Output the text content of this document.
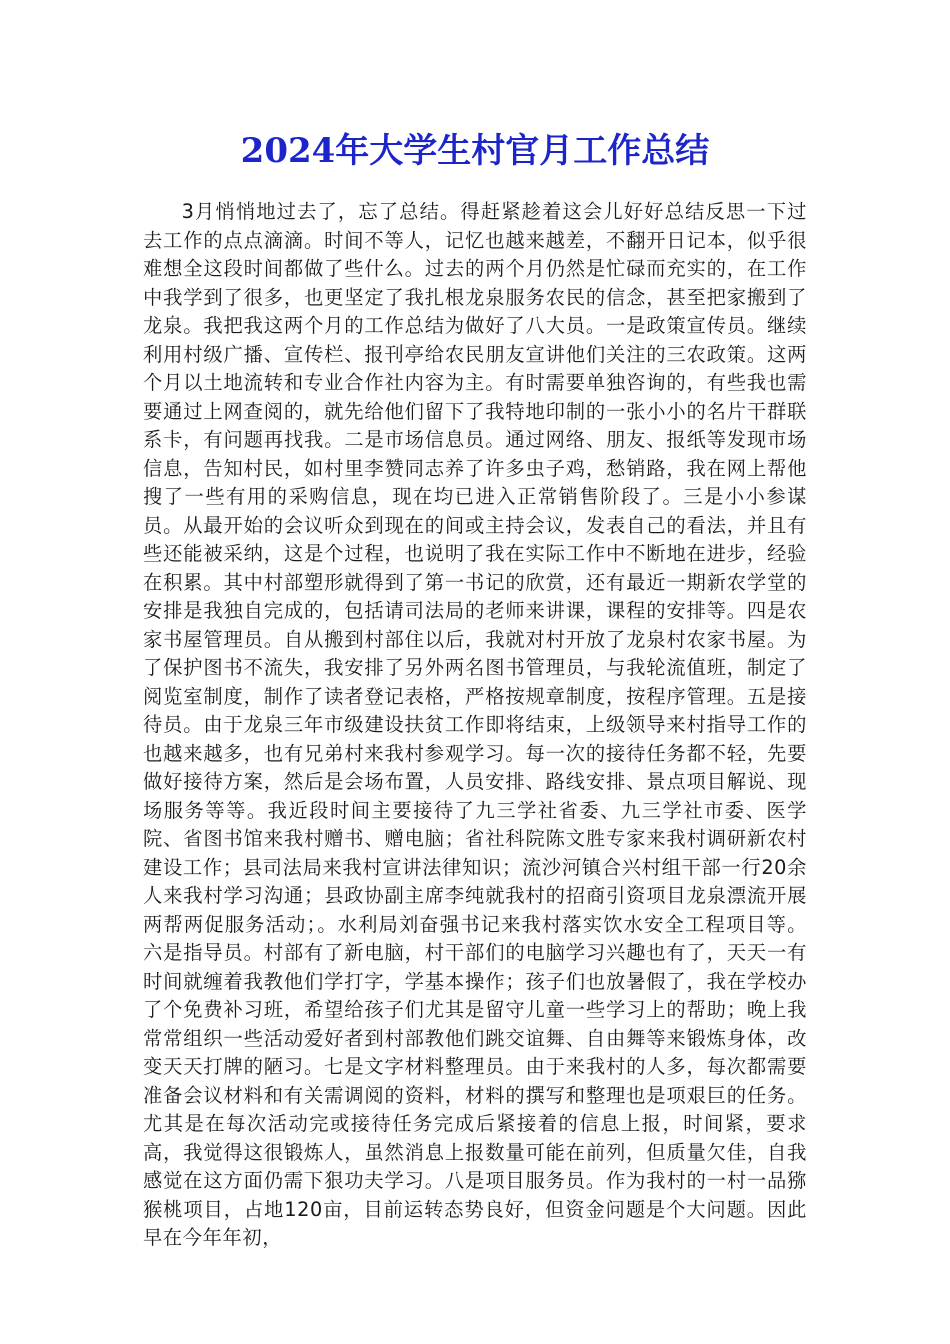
2024年大学生村官月工作总结

3月悄悄地过去了，忘了总结。得赶紧趁着这会儿好好总结反思一下过去工作的点点滴滴。时间不等人，记忆也越来越差，不翻开日记本，似乎很难想全这段时间都做了些什么。过去的两个月仍然是忙碌而充实的，在工作中我学到了很多，也更坚定了我扎根龙泉服务农民的信念，甚至把家搬到了龙泉。我把我这两个月的工作总结为做好了八大员。一是政策宣传员。继续利用村级广播、宣传栏、报刊亭给农民朋友宣讲他们关注的三农政策。这两个月以土地流转和专业合作社内容为主。有时需要单独咨询的，有些我也需要通过上网查阅的，就先给他们留下了我特地印制的一张小小的名片干群联系卡，有问题再找我。二是市场信息员。通过网络、朋友、报纸等发现市场信息，告知村民，如村里李赞同志养了许多虫子鸡，愁销路，我在网上帮他搜了一些有用的采购信息，现在均已进入正常销售阶段了。三是小小参谋员。从最开始的会议听众到现在的间或主持会议，发表自己的看法，并且有些还能被采纳，这是个过程，也说明了我在实际工作中不断地在进步，经验在积累。其中村部塑形就得到了第一书记的欣赏，还有最近一期新农学堂的安排是我独自完成的，包括请司法局的老师来讲课，课程的安排等。四是农家书屋管理员。自从搬到村部住以后，我就对村开放了龙泉村农家书屋。为了保护图书不流失，我安排了另外两名图书管理员，与我轮流值班，制定了阅览室制度，制作了读者登记表格，严格按规章制度，按程序管理。五是接待员。由于龙泉三年市级建设扶贫工作即将结束，上级领导来村指导工作的也越来越多，也有兄弟村来我村参观学习。每一次的接待任务都不轻，先要做好接待方案，然后是会场布置，人员安排、路线安排、景点项目解说、现场服务等等。我近段时间主要接待了九三学社省委、九三学社市委、医学院、省图书馆来我村赠书、赠电脑；省社科院陈文胜专家来我村调研新农村建设工作；县司法局来我村宣讲法律知识；流沙河镇合兴村组干部一行20余人来我村学习沟通；县政协副主席李纯就我村的招商引资项目龙泉漂流开展两帮两促服务活动；。水利局刘奋强书记来我村落实饮水安全工程项目等。六是指导员。村部有了新电脑，村干部们的电脑学习兴趣也有了，天天一有时间就缠着我教他们学打字，学基本操作；孩子们也放暑假了，我在学校办了个免费补习班，希望给孩子们尤其是留守儿童一些学习上的帮助；晚上我常常组织一些活动爱好者到村部教他们跳交谊舞、自由舞等来锻炼身体，改变天天打牌的陋习。七是文字材料整理员。由于来我村的人多，每次都需要准备会议材料和有关需调阅的资料，材料的撰写和整理也是项艰巨的任务。尤其是在每次活动完或接待任务完成后紧接着的信息上报，时间紧，要求高，我觉得这很锻炼人，虽然消息上报数量可能在前列，但质量欠佳，自我感觉在这方面仍需下狠功夫学习。八是项目服务员。作为我村的一村一品猕猴桃项目，占地120亩，目前运转态势良好，但资金问题是个大问题。因此早在今年年初，
